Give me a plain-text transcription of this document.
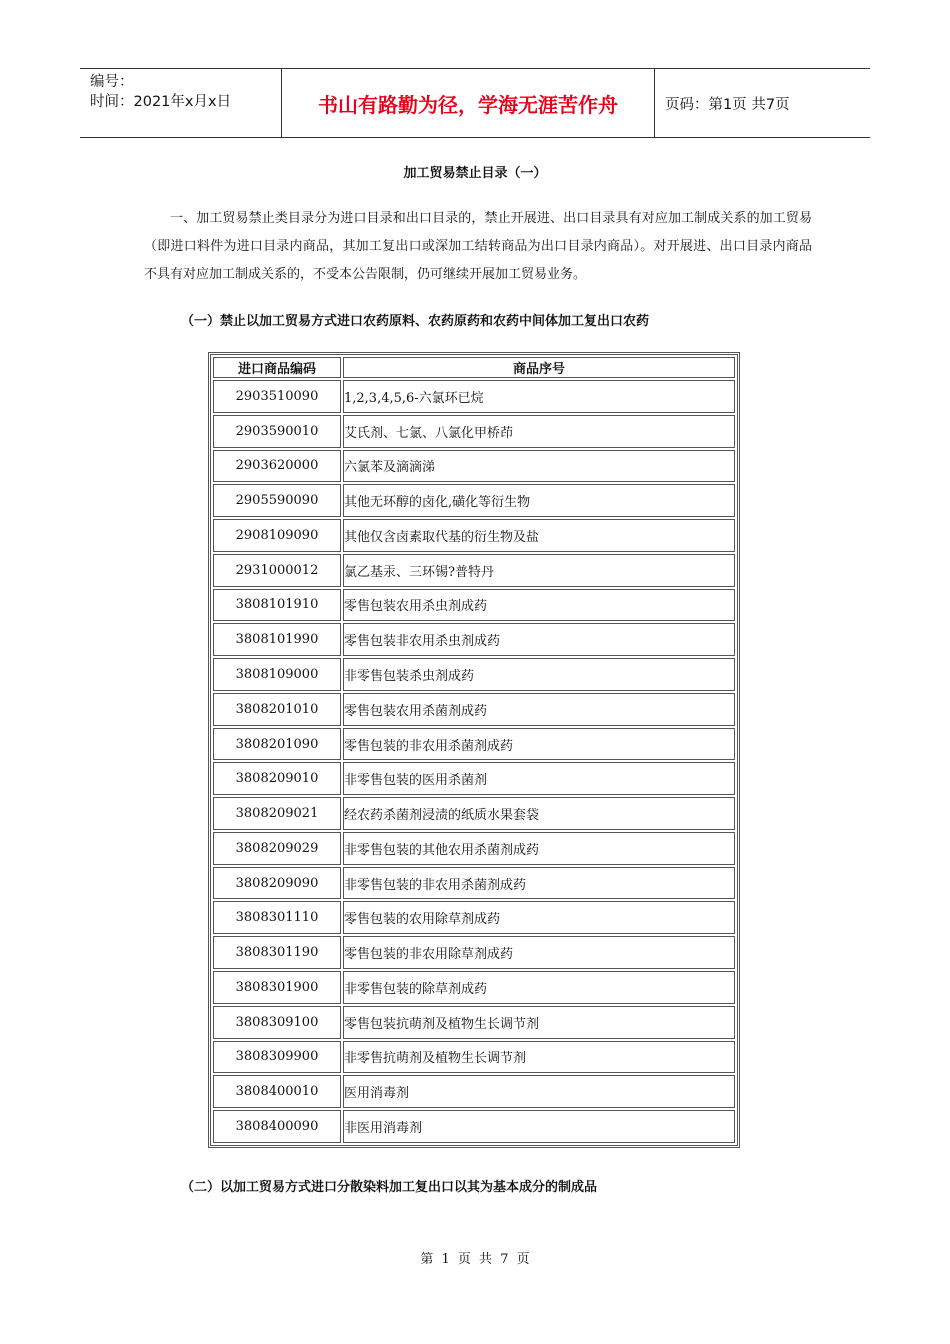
编号：
时间：2021年x月x日	书山有路勤为径，学海无涯苦作舟	页码：第1页 共7页
加工贸易禁止目录（一）

一、加工贸易禁止类目录分为进口目录和出口目录的，禁止开展进、出口目录具有对应加工制成关系的加工贸易（即进口料件为进口目录内商品，其加工复出口或深加工结转商品为出口目录内商品）。对开展进、出口目录内商品不具有对应加工制成关系的，不受本公告限制，仍可继续开展加工贸易业务。

（一）禁止以加工贸易方式进口农药原料、农药原药和农药中间体加工复出口农药
进口商品编码	商品序号
2903510090	1,2,3,4,5,6-六氯环已烷
2903590010	艾氏剂、七氯、八氯化甲桥茚
2903620000	六氯苯及滴滴涕
2905590090	其他无环醇的卤化,磺化等衍生物
2908109090	其他仅含卤素取代基的衍生物及盐
2931000012	氯乙基汞、三环锡?普特丹
3808101910	零售包装农用杀虫剂成药
3808101990	零售包装非农用杀虫剂成药
3808109000	非零售包装杀虫剂成药
3808201010	零售包装农用杀菌剂成药
3808201090	零售包装的非农用杀菌剂成药
3808209010	非零售包装的医用杀菌剂
3808209021	经农药杀菌剂浸渍的纸质水果套袋
3808209029	非零售包装的其他农用杀菌剂成药
3808209090	非零售包装的非农用杀菌剂成药
3808301110	零售包装的农用除草剂成药
3808301190	零售包装的非农用除草剂成药
3808301900	非零售包装的除草剂成药
3808309100	零售包装抗萌剂及植物生长调节剂
3808309900	非零售抗萌剂及植物生长调节剂
3808400010	医用消毒剂
3808400090	非医用消毒剂
（二）以加工贸易方式进口分散染料加工复出口以其为基本成分的制成品
第 1 页 共 7 页
